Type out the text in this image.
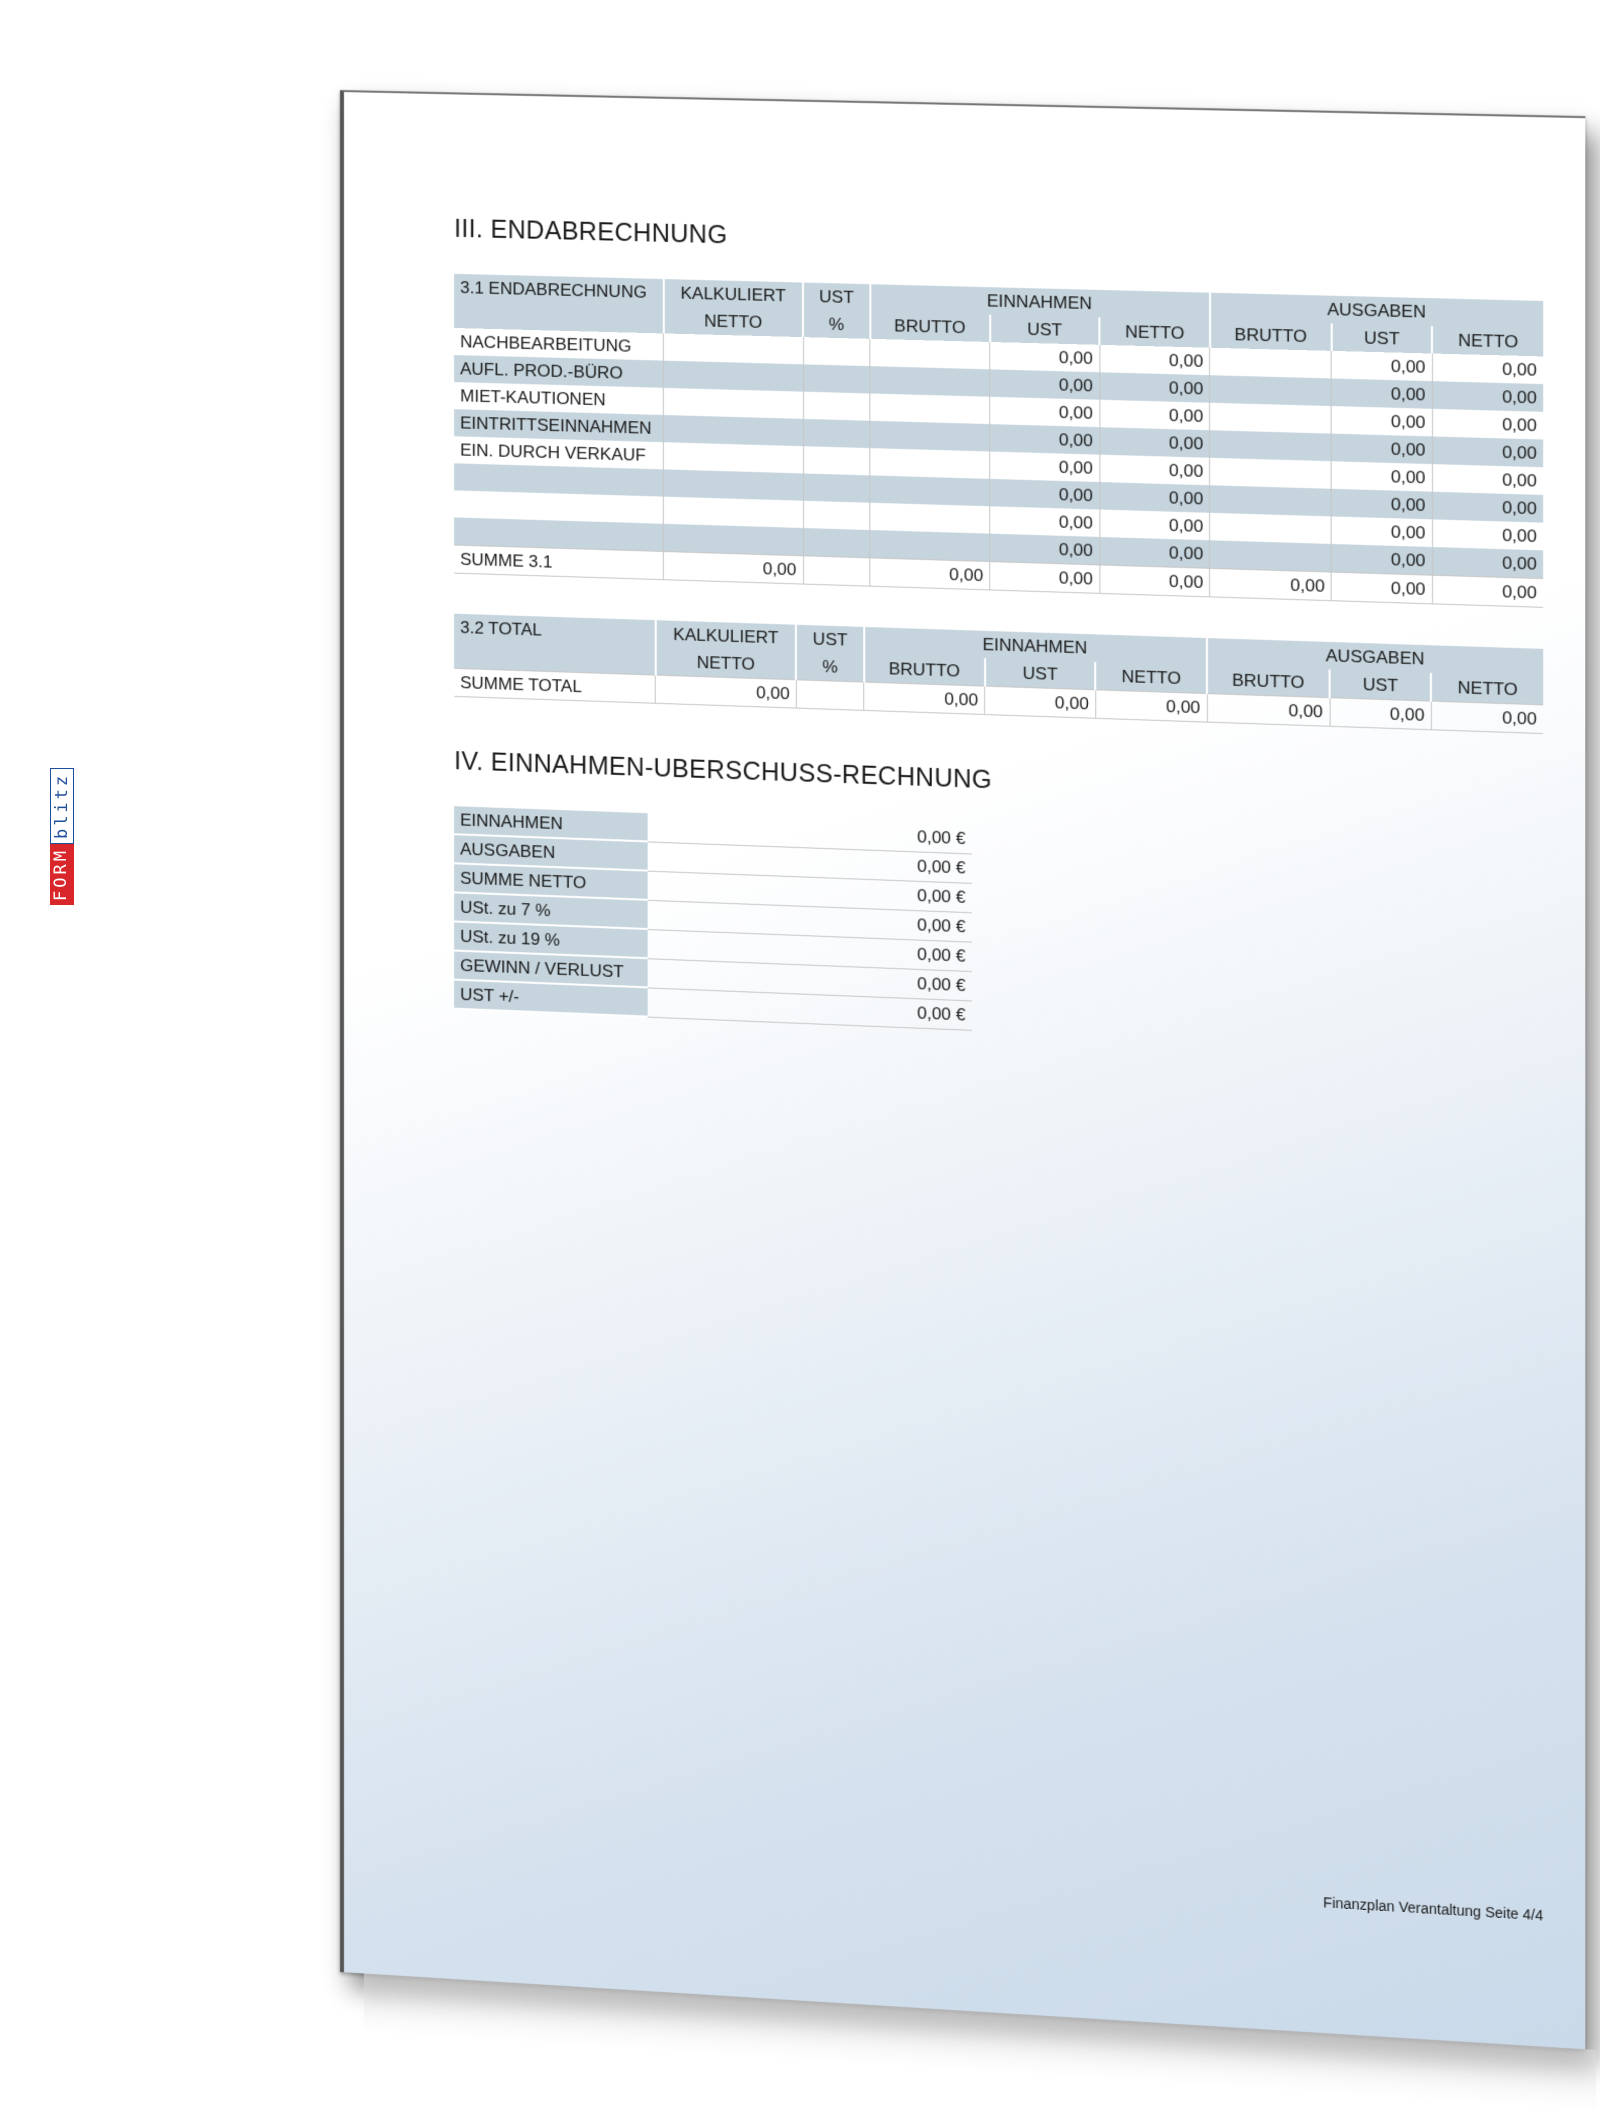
FORM
blitz
III. ENDABRECHNUNG
3.1 ENDABRECHNUNG	KALKULIERT	UST	EINNAHMEN			AUSGABEN		
	NETTO	%	BRUTTO	UST	NETTO	BRUTTO	UST	NETTO
NACHBEARBEITUNG				0,00	0,00		0,00	0,00
AUFL. PROD.-BÜRO				0,00	0,00		0,00	0,00
MIET-KAUTIONEN				0,00	0,00		0,00	0,00
EINTRITTSEINNAHMEN				0,00	0,00		0,00	0,00
EIN. DURCH VERKAUF				0,00	0,00		0,00	0,00
				0,00	0,00		0,00	0,00
				0,00	0,00		0,00	0,00
				0,00	0,00		0,00	0,00
SUMME 3.1	0,00		0,00	0,00	0,00	0,00	0,00	0,00
3.2 TOTAL	KALKULIERT	UST	EINNAHMEN			AUSGABEN		
	NETTO	%	BRUTTO	UST	NETTO	BRUTTO	UST	NETTO
SUMME TOTAL	0,00		0,00	0,00	0,00	0,00	0,00	0,00
IV. EINNAHMEN-UBERSCHUSS-RECHNUNG
EINNAHMEN	0,00 €
AUSGABEN	0,00 €
SUMME NETTO	0,00 €
USt. zu 7 %	0,00 €
USt. zu 19 %	0,00 €
GEWINN / VERLUST	0,00 €
UST +/-	0,00 €
Finanzplan Verantaltung Seite 4/4
